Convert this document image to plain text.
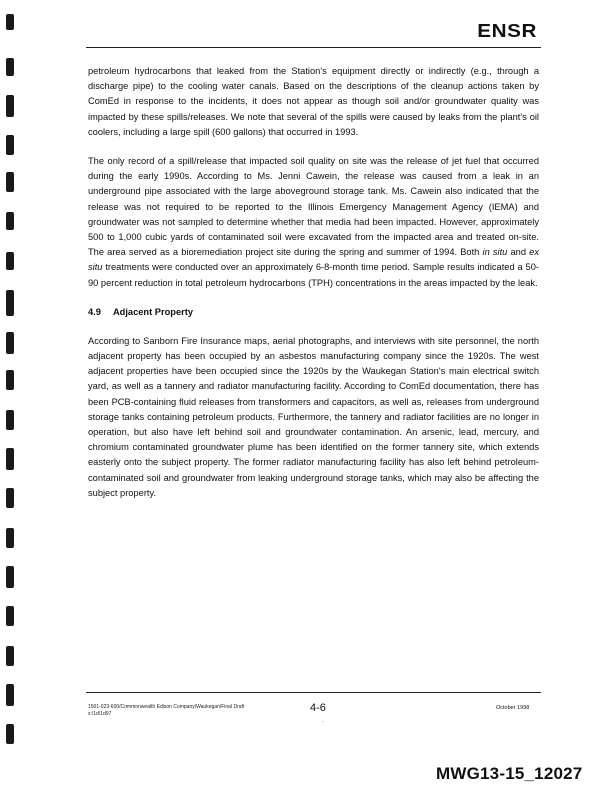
ENSR

petroleum hydrocarbons that leaked from the Station's equipment directly or indirectly (e.g., through a discharge pipe) to the cooling water canals. Based on the descriptions of the cleanup actions taken by ComEd in response to the incidents, it does not appear as though soil and/or groundwater quality was impacted by these spills/releases. We note that several of the spills were caused by leaks from the plant's oil coolers, including a large spill (600 gallons) that occurred in 1993.

The only record of a spill/release that impacted soil quality on site was the release of jet fuel that occurred during the early 1990s. According to Ms. Jenni Cawein, the release was caused from a leak in an underground pipe associated with the large aboveground storage tank. Ms. Cawein also indicated that the release was not required to be reported to the Illinois Emergency Management Agency (IEMA) and groundwater was not sampled to determine whether that media had been impacted. However, approximately 500 to 1,000 cubic yards of contaminated soil were excavated from the impacted area and treated on-site. The area served as a bioremediation project site during the spring and summer of 1994. Both in situ and ex situ treatments were conducted over an approximately 6-8-month time period. Sample results indicated a 50-90 percent reduction in total petroleum hydrocarbons (TPH) concentrations in the areas impacted by the leak.

4.9 Adjacent Property

According to Sanborn Fire Insurance maps, aerial photographs, and interviews with site personnel, the north adjacent property has been occupied by an asbestos manufacturing company since the 1920s. The west adjacent properties have been occupied since the 1920s by the Waukegan Station's main electrical switch yard, as well as a tannery and radiator manufacturing facility. According to ComEd documentation, there has been PCB-containing fluid releases from transformers and capacitors, as well as, releases from underground storage tanks containing petroleum products. Furthermore, the tannery and radiator facilities are no longer in operation, but also have left behind soil and groundwater contamination. An arsenic, lead, mercury, and chromium contaminated groundwater plume has been identified on the former tannery site, which extends easterly onto the subject property. The former radiator manufacturing facility has also left behind petroleum-contaminated soil and groundwater from leaking underground storage tanks, which may also be affecting the subject property.

1501-023-600/Commonwealth Edison Company/Waukegan/Final Draft
s:\1d\1d97	4-6
·
October 1998
MWG13-15_12027
